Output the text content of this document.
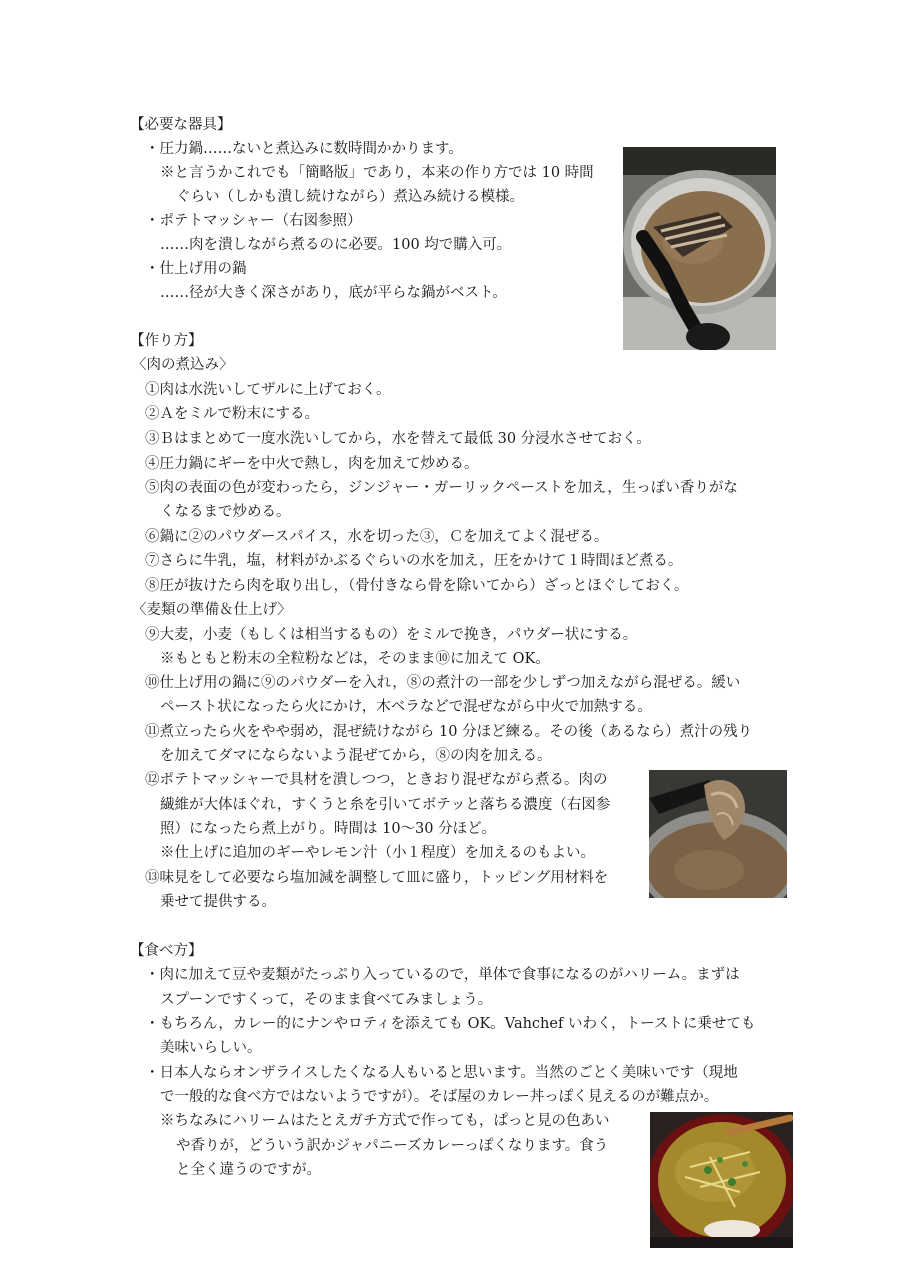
【必要な器具】
・圧力鍋……ないと煮込みに数時間かかります。
※と言うかこれでも「簡略版」であり，本来の作り方では 10 時間
ぐらい（しかも潰し続けながら）煮込み続ける模様。
・ポテトマッシャー（右図参照）
……肉を潰しながら煮るのに必要。100 均で購入可。
・仕上げ用の鍋
……径が大きく深さがあり，底が平らな鍋がベスト。
【作り方】
〈肉の煮込み〉
①肉は水洗いしてザルに上げておく。
②Ａをミルで粉末にする。
③Ｂはまとめて一度水洗いしてから，水を替えて最低 30 分浸水させておく。
④圧力鍋にギーを中火で熱し，肉を加えて炒める。
⑤肉の表面の色が変わったら，ジンジャー・ガーリックペーストを加え，生っぽい香りがな
くなるまで炒める。
⑥鍋に②のパウダースパイス，水を切った③，Ｃを加えてよく混ぜる。
⑦さらに牛乳，塩，材料がかぶるぐらいの水を加え，圧をかけて１時間ほど煮る。
⑧圧が抜けたら肉を取り出し，（骨付きなら骨を除いてから）ざっとほぐしておく。
〈麦類の準備＆仕上げ〉
⑨大麦，小麦（もしくは相当するもの）をミルで挽き，パウダー状にする。
※もともと粉末の全粒粉などは，そのまま⑩に加えて OK。
⑩仕上げ用の鍋に⑨のパウダーを入れ，⑧の煮汁の一部を少しずつ加えながら混ぜる。緩い
ペースト状になったら火にかけ，木ベラなどで混ぜながら中火で加熱する。
⑪煮立ったら火をやや弱め，混ぜ続けながら 10 分ほど練る。その後（あるなら）煮汁の残り
を加えてダマにならないよう混ぜてから，⑧の肉を加える。
⑫ポテトマッシャーで具材を潰しつつ，ときおり混ぜながら煮る。肉の
繊維が大体ほぐれ，すくうと糸を引いてボテッと落ちる濃度（右図参
照）になったら煮上がり。時間は 10〜30 分ほど。
※仕上げに追加のギーやレモン汁（小１程度）を加えるのもよい。
⑬味見をして必要なら塩加減を調整して皿に盛り，トッピング用材料を
乗せて提供する。
【食べ方】
・肉に加えて豆や麦類がたっぷり入っているので，単体で食事になるのがハリーム。まずは
スプーンですくって，そのまま食べてみましょう。
・もちろん，カレー的にナンやロティを添えても OK。Vahchef いわく，トーストに乗せても
美味いらしい。
・日本人ならオンザライスしたくなる人もいると思います。当然のごとく美味いです（現地
で一般的な食べ方ではないようですが）。そば屋のカレー丼っぽく見えるのが難点か。
※ちなみにハリームはたとえガチ方式で作っても，ぱっと見の色あい
や香りが，どういう訳かジャパニーズカレーっぽくなります。食う
と全く違うのですが。
